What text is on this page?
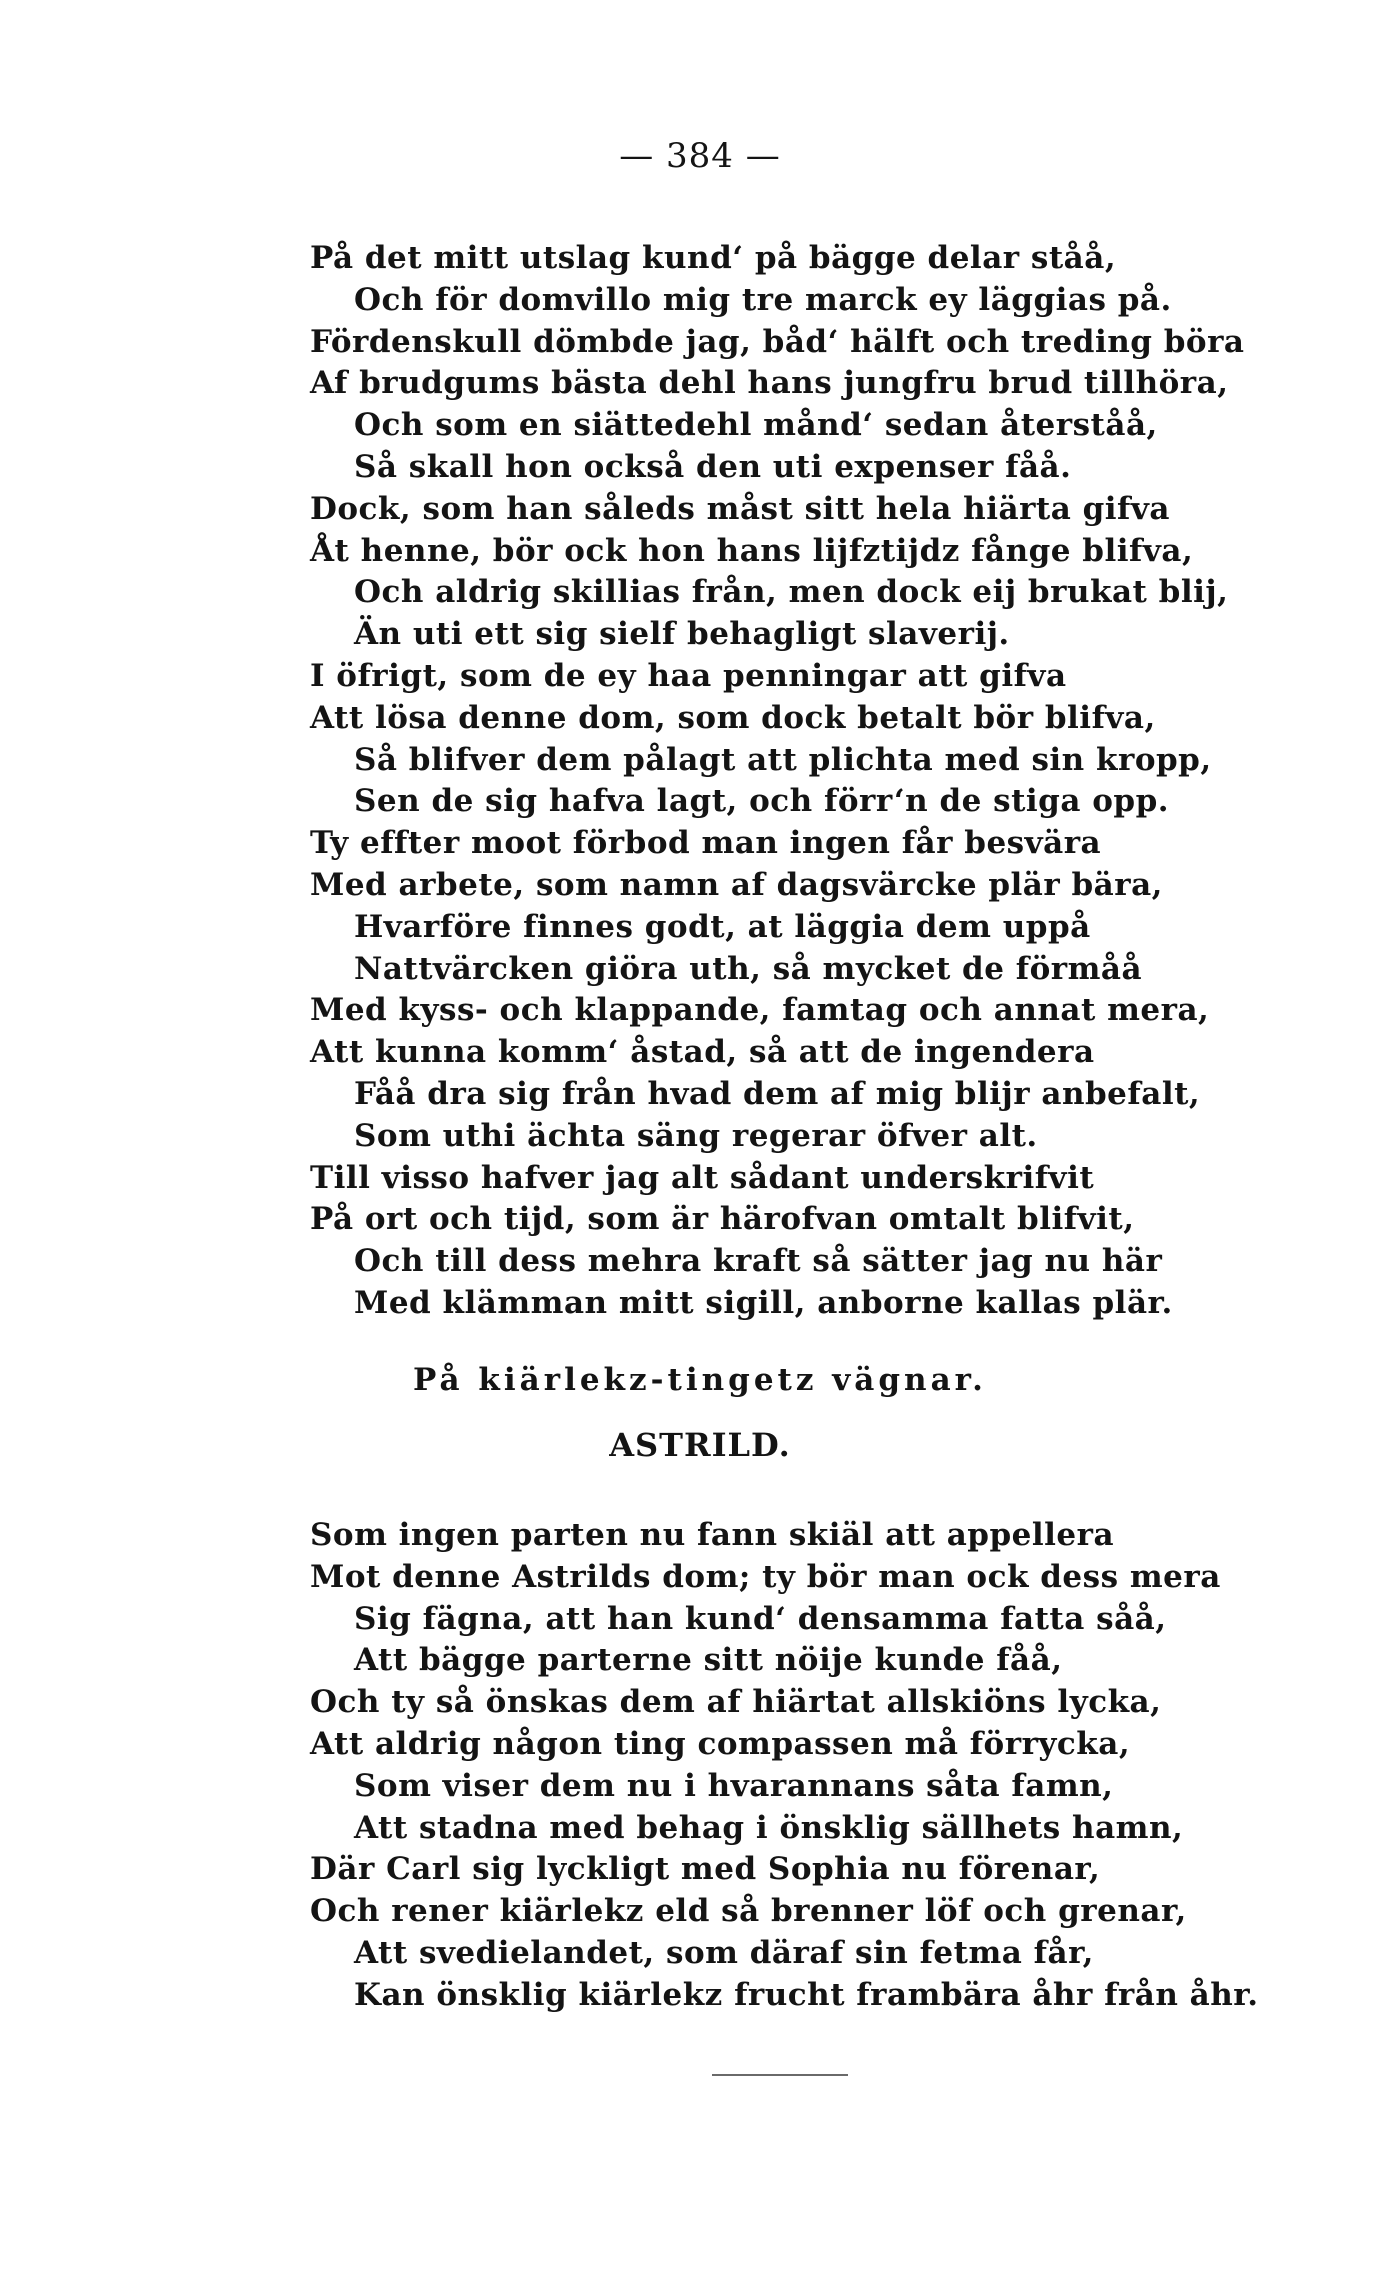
— 384 —
På det mitt utslag kund‘ på bägge delar ståå,
Och för domvillo mig tre marck ey läggias på.
Fördenskull dömbde jag, båd‘ hälft och treding böra
Af brudgums bästa dehl hans jungfru brud tillhöra,
Och som en siättedehl månd‘ sedan återståå,
Så skall hon också den uti expenser fåå.
Dock, som han såleds måst sitt hela hiärta gifva
Åt henne, bör ock hon hans lijfztijdz fånge blifva,
Och aldrig skillias från, men dock eij brukat blij,
Än uti ett sig sielf behagligt slaverij.
I öfrigt, som de ey haa penningar att gifva
Att lösa denne dom, som dock betalt bör blifva,
Så blifver dem pålagt att plichta med sin kropp,
Sen de sig hafva lagt, och förr‘n de stiga opp.
Ty effter moot förbod man ingen får besvära
Med arbete, som namn af dagsvärcke plär bära,
Hvarföre finnes godt, at läggia dem uppå
Nattvärcken giöra uth, så mycket de förmåå
Med kyss- och klappande, famtag och annat mera,
Att kunna komm‘ åstad, så att de ingendera
Fåå dra sig från hvad dem af mig blijr anbefalt,
Som uthi ächta säng regerar öfver alt.
Till visso hafver jag alt sådant underskrifvit
På ort och tijd, som är härofvan omtalt blifvit,
Och till dess mehra kraft så sätter jag nu här
Med klämman mitt sigill, anborne kallas plär.
På kiärlekz-tingetz vägnar.
ASTRILD.
Som ingen parten nu fann skiäl att appellera
Mot denne Astrilds dom; ty bör man ock dess mera
Sig fägna, att han kund‘ densamma fatta såå,
Att bägge parterne sitt nöije kunde fåå,
Och ty så önskas dem af hiärtat allskiöns lycka,
Att aldrig någon ting compassen må förrycka,
Som viser dem nu i hvarannans såta famn,
Att stadna med behag i önsklig sällhets hamn,
Där Carl sig lyckligt med Sophia nu förenar,
Och rener kiärlekz eld så brenner löf och grenar,
Att svedielandet, som däraf sin fetma får,
Kan önsklig kiärlekz frucht frambära åhr från åhr.
